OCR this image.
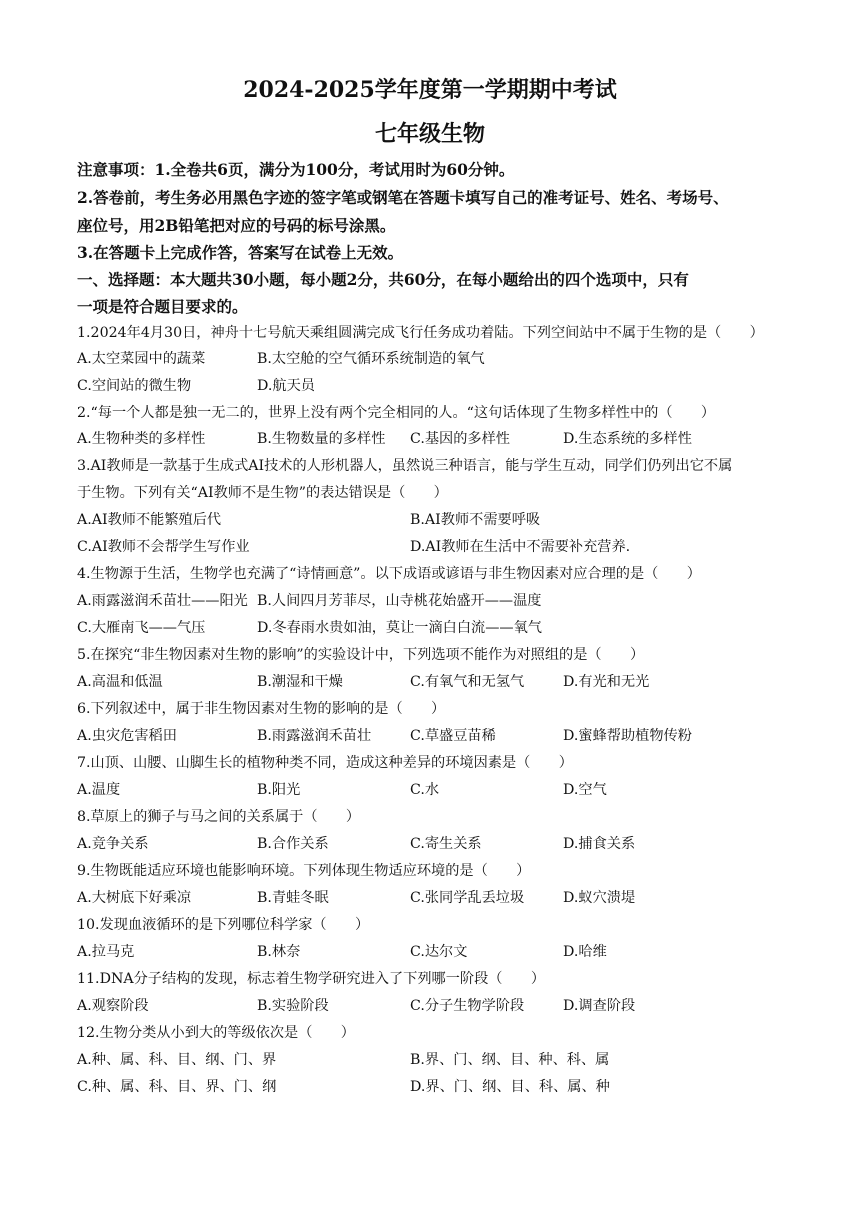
2024-2025学年度第一学期期中考试
七年级生物
注意事项：1.全卷共6页，满分为100分，考试用时为60分钟。
2.答卷前，考生务必用黑色字迹的签字笔或钢笔在答题卡填写自己的准考证号、姓名、考场号、
座位号，用2B铅笔把对应的号码的标号涂黑。
3.在答题卡上完成作答，答案写在试卷上无效。
一、选择题：本大题共30小题，每小题2分，共60分，在每小题给出的四个选项中，只有
一项是符合题目要求的。
1.2024年4月30日，神舟十七号航天乘组圆满完成飞行任务成功着陆。下列空间站中不属于生物的是（　　）
A.太空菜园中的蔬菜	B.太空舱的空气循环系统制造的氧气
C.空间站的微生物	D.航天员
2.“每一个人都是独一无二的，世界上没有两个完全相同的人。“这句话体现了生物多样性中的（　　）
A.生物种类的多样性	B.生物数量的多样性 C.基因的多样性	D.生态系统的多样性
3.AI教师是一款基于生成式AI技术的人形机器人，虽然说三种语言，能与学生互动，同学们仍列出它不属
于生物。下列有关“AI教师不是生物”的表达错误是（　　）
A.AI教师不能繁殖后代	B.AI教师不需要呼吸
C.AI教师不会帮学生写作业	D.AI教师在生活中不需要补充营养.
4.生物源于生活，生物学也充满了“诗情画意”。以下成语或谚语与非生物因素对应合理的是（　　）
A.雨露滋润禾苗壮——阳光 B.人间四月芳菲尽，山寺桃花始盛开——温度
C.大雁南飞——气压	D.冬春雨水贵如油，莫让一滴白白流——氧气
5.在探究“非生物因素对生物的影响”的实验设计中，下列选项不能作为对照组的是（　　）
A.高温和低温	B.潮湿和干燥	C.有氧气和无氢气	D.有光和无光
6.下列叙述中，属于非生物因素对生物的影响的是（　　）
A.虫灾危害稻田	B.雨露滋润禾苗壮	C.草盛豆苗稀	D.蜜蜂帮助植物传粉
7.山顶、山腰、山脚生长的植物种类不同，造成这种差异的环境因素是（　　）
A.温度	B.阳光	C.水	D.空气
8.草原上的狮子与马之间的关系属于（　　）
A.竞争关系	B.合作关系	C.寄生关系	D.捕食关系
9.生物既能适应环境也能影响环境。下列体现生物适应环境的是（　　）
A.大树底下好乘凉	B.青蛙冬眠	C.张同学乱丢垃圾	D.蚁穴溃堤
10.发现血液循环的是下列哪位科学家（　　）
A.拉马克	B.林奈	C.达尔文	D.哈维
11.DNA分子结构的发现，标志着生物学研究进入了下列哪一阶段（　　）
A.观察阶段	B.实验阶段	C.分子生物学阶段	D.调查阶段
12.生物分类从小到大的等级依次是（　　）
A.种、属、科、目、纲、门、界	B.界、门、纲、目、种、科、属
C.种、属、科、目、界、门、纲	D.界、门、纲、目、科、属、种
